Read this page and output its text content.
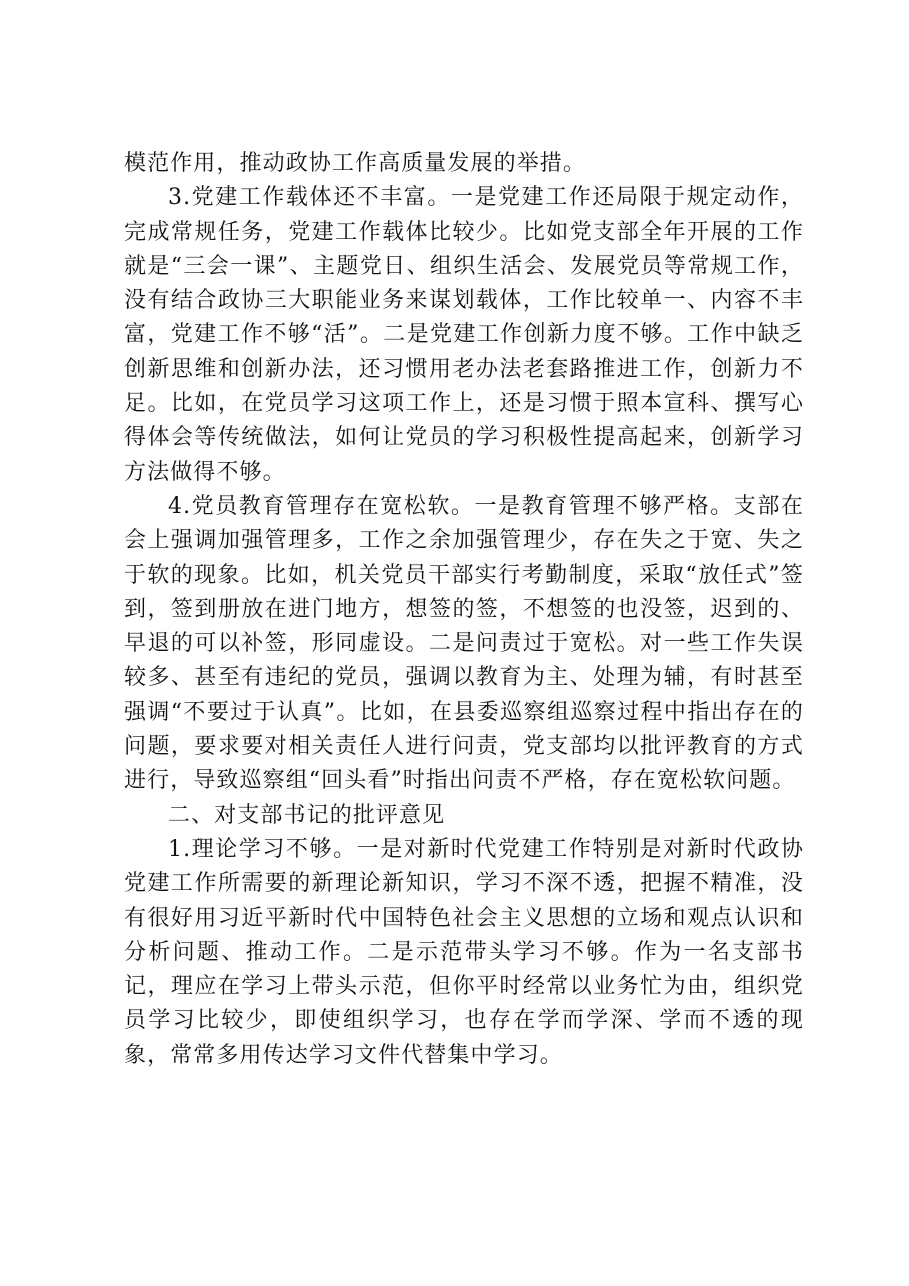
模范作用，推动政协工作高质量发展的举措。

3.党建工作载体还不丰富。一是党建工作还局限于规定动作，完成常规任务，党建工作载体比较少。比如党支部全年开展的工作就是“三会一课”、主题党日、组织生活会、发展党员等常规工作，没有结合政协三大职能业务来谋划载体，工作比较单一、内容不丰富，党建工作不够“活”。二是党建工作创新力度不够。工作中缺乏创新思维和创新办法，还习惯用老办法老套路推进工作，创新力不足。比如，在党员学习这项工作上，还是习惯于照本宣科、撰写心得体会等传统做法，如何让党员的学习积极性提高起来，创新学习方法做得不够。

4.党员教育管理存在宽松软。一是教育管理不够严格。支部在会上强调加强管理多，工作之余加强管理少，存在失之于宽、失之于软的现象。比如，机关党员干部实行考勤制度，采取“放任式”签到，签到册放在进门地方，想签的签，不想签的也没签，迟到的、早退的可以补签，形同虚设。二是问责过于宽松。对一些工作失误较多、甚至有违纪的党员，强调以教育为主、处理为辅，有时甚至强调“不要过于认真”。比如，在县委巡察组巡察过程中指出存在的问题，要求要对相关责任人进行问责，党支部均以批评教育的方式进行，导致巡察组“回头看”时指出问责不严格，存在宽松软问题。

二、对支部书记的批评意见

1.理论学习不够。一是对新时代党建工作特别是对新时代政协党建工作所需要的新理论新知识，学习不深不透，把握不精准，没有很好用习近平新时代中国特色社会主义思想的立场和观点认识和分析问题、推动工作。二是示范带头学习不够。作为一名支部书记，理应在学习上带头示范，但你平时经常以业务忙为由，组织党员学习比较少，即使组织学习，也存在学而学深、学而不透的现象，常常多用传达学习文件代替集中学习。
